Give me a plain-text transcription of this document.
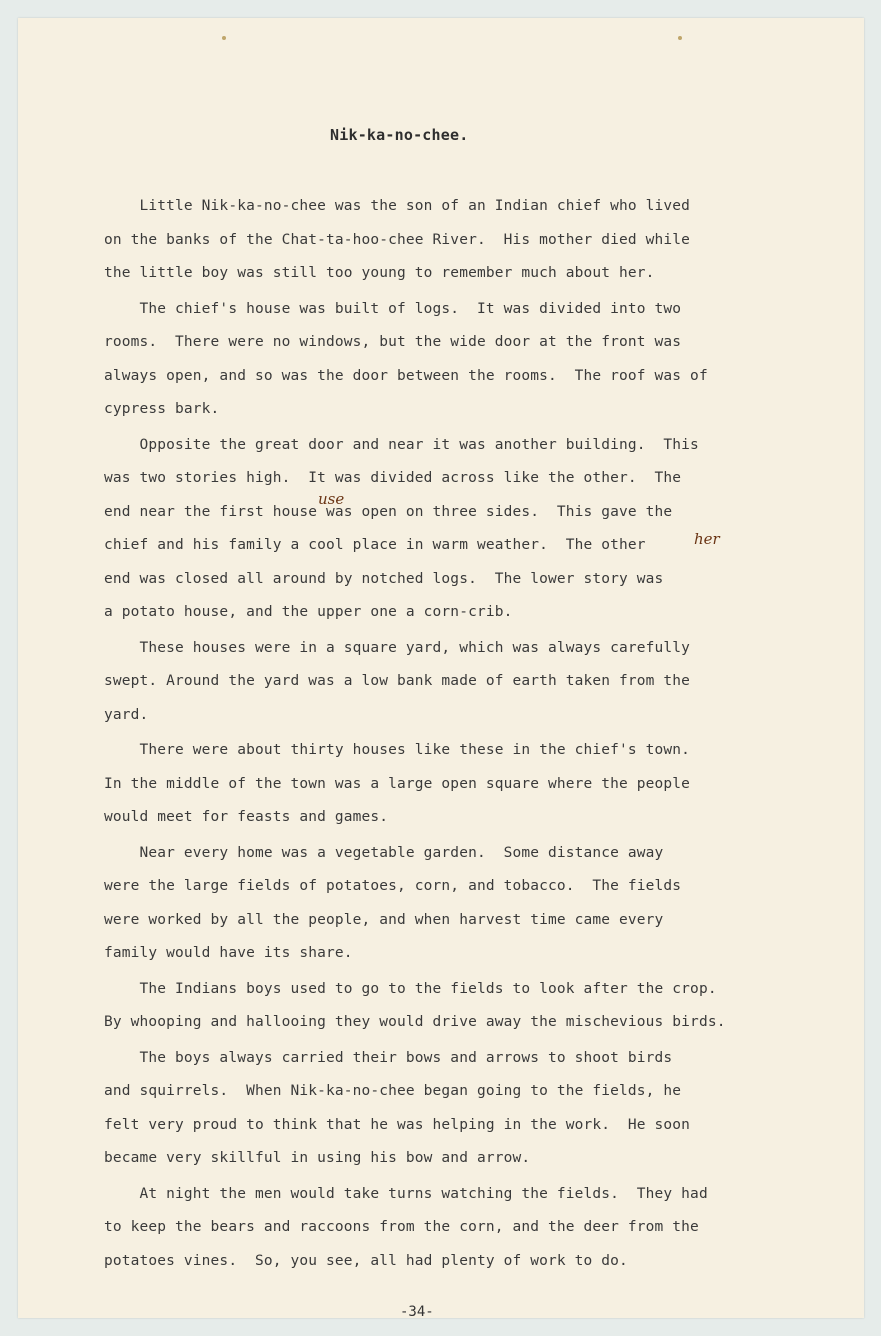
Nik-ka-no-chee.
Little Nik-ka-no-chee was the son of an Indian chief who lived
on the banks of the Chat-ta-hoo-chee River.  His mother died while
the little boy was still too young to remember much about her.
The chief's house was built of logs.  It was divided into two
rooms.  There were no windows, but the wide door at the front was
always open, and so was the door between the rooms.  The roof was of
cypress bark.
Opposite the great door and near it was another building.  This
was two stories high.  It was divided across like the other.  The
end near the first house was open on three sides.  This gave the
chief and his family a cool place in warm weather.  The other
end was closed all around by notched logs.  The lower story was
a potato house, and the upper one a corn-crib.
These houses were in a square yard, which was always carefully
swept. Around the yard was a low bank made of earth taken from the
yard.
There were about thirty houses like these in the chief's town.
In the middle of the town was a large open square where the people
would meet for feasts and games.
Near every home was a vegetable garden.  Some distance away
were the large fields of potatoes, corn, and tobacco.  The fields
were worked by all the people, and when harvest time came every
family would have its share.
The Indians boys used to go to the fields to look after the crop.
By whooping and hallooing they would drive away the mischevious birds.
The boys always carried their bows and arrows to shoot birds
and squirrels.  When Nik-ka-no-chee began going to the fields, he
felt very proud to think that he was helping in the work.  He soon
became very skillful in using his bow and arrow.
At night the men would take turns watching the fields.  They had
to keep the bears and raccoons from the corn, and the deer from the
potatoes vines.  So, you see, all had plenty of work to do.
use
her
-34-
